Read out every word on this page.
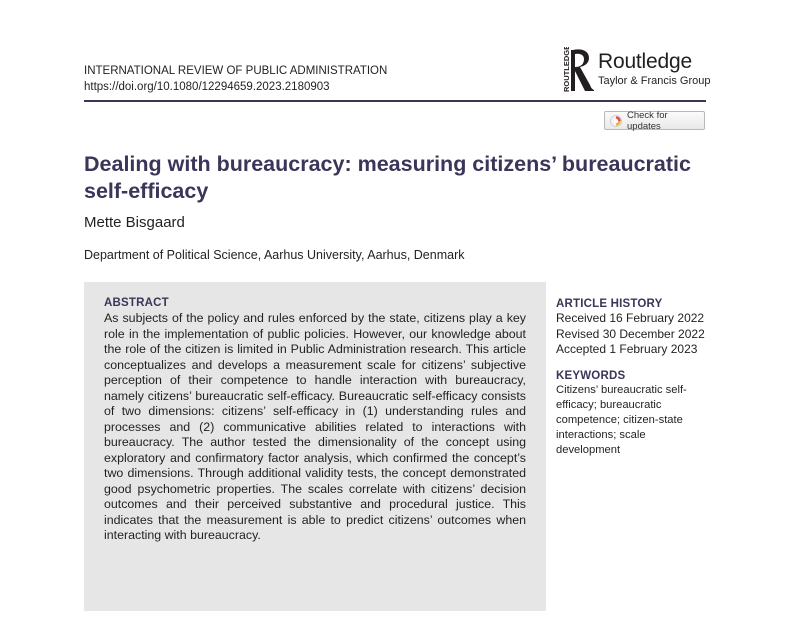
INTERNATIONAL REVIEW OF PUBLIC ADMINISTRATION
https://doi.org/10.1080/12294659.2023.2180903	ROUTLEDGE Routledge
Taylor & Francis Group
Check for updates
Dealing with bureaucracy: measuring citizens’ bureaucratic self-efficacy
Mette Bisgaard
Department of Political Science, Aarhus University, Aarhus, Denmark
ABSTRACT
As subjects of the policy and rules enforced by the state, citizens play a key role in the implementation of public policies. However, our knowledge about the role of the citizen is limited in Public Administration research. This article conceptualizes and develops a measurement scale for citizens’ subjective perception of their competence to handle interaction with bureaucracy, namely citizens’ bureaucratic self-efficacy. Bureaucratic self-efficacy consists of two dimensions: citizens’ self-efficacy in (1) understanding rules and processes and (2) communicative abilities related to interactions with bureaucracy. The author tested the dimensionality of the concept using exploratory and confirmatory factor analysis, which confirmed the concept’s two dimensions. Through additional validity tests, the concept demonstrated good psychometric properties. The scales correlate with citizens’ decision outcomes and their perceived substantive and procedural justice. This indicates that the measurement is able to predict citizens’ outcomes when interacting with bureaucracy.
ARTICLE HISTORY
Received 16 February 2022
Revised 30 December 2022
Accepted 1 February 2023
KEYWORDS
Citizens’ bureaucratic self-efficacy; bureaucratic competence; citizen-state interactions; scale development
